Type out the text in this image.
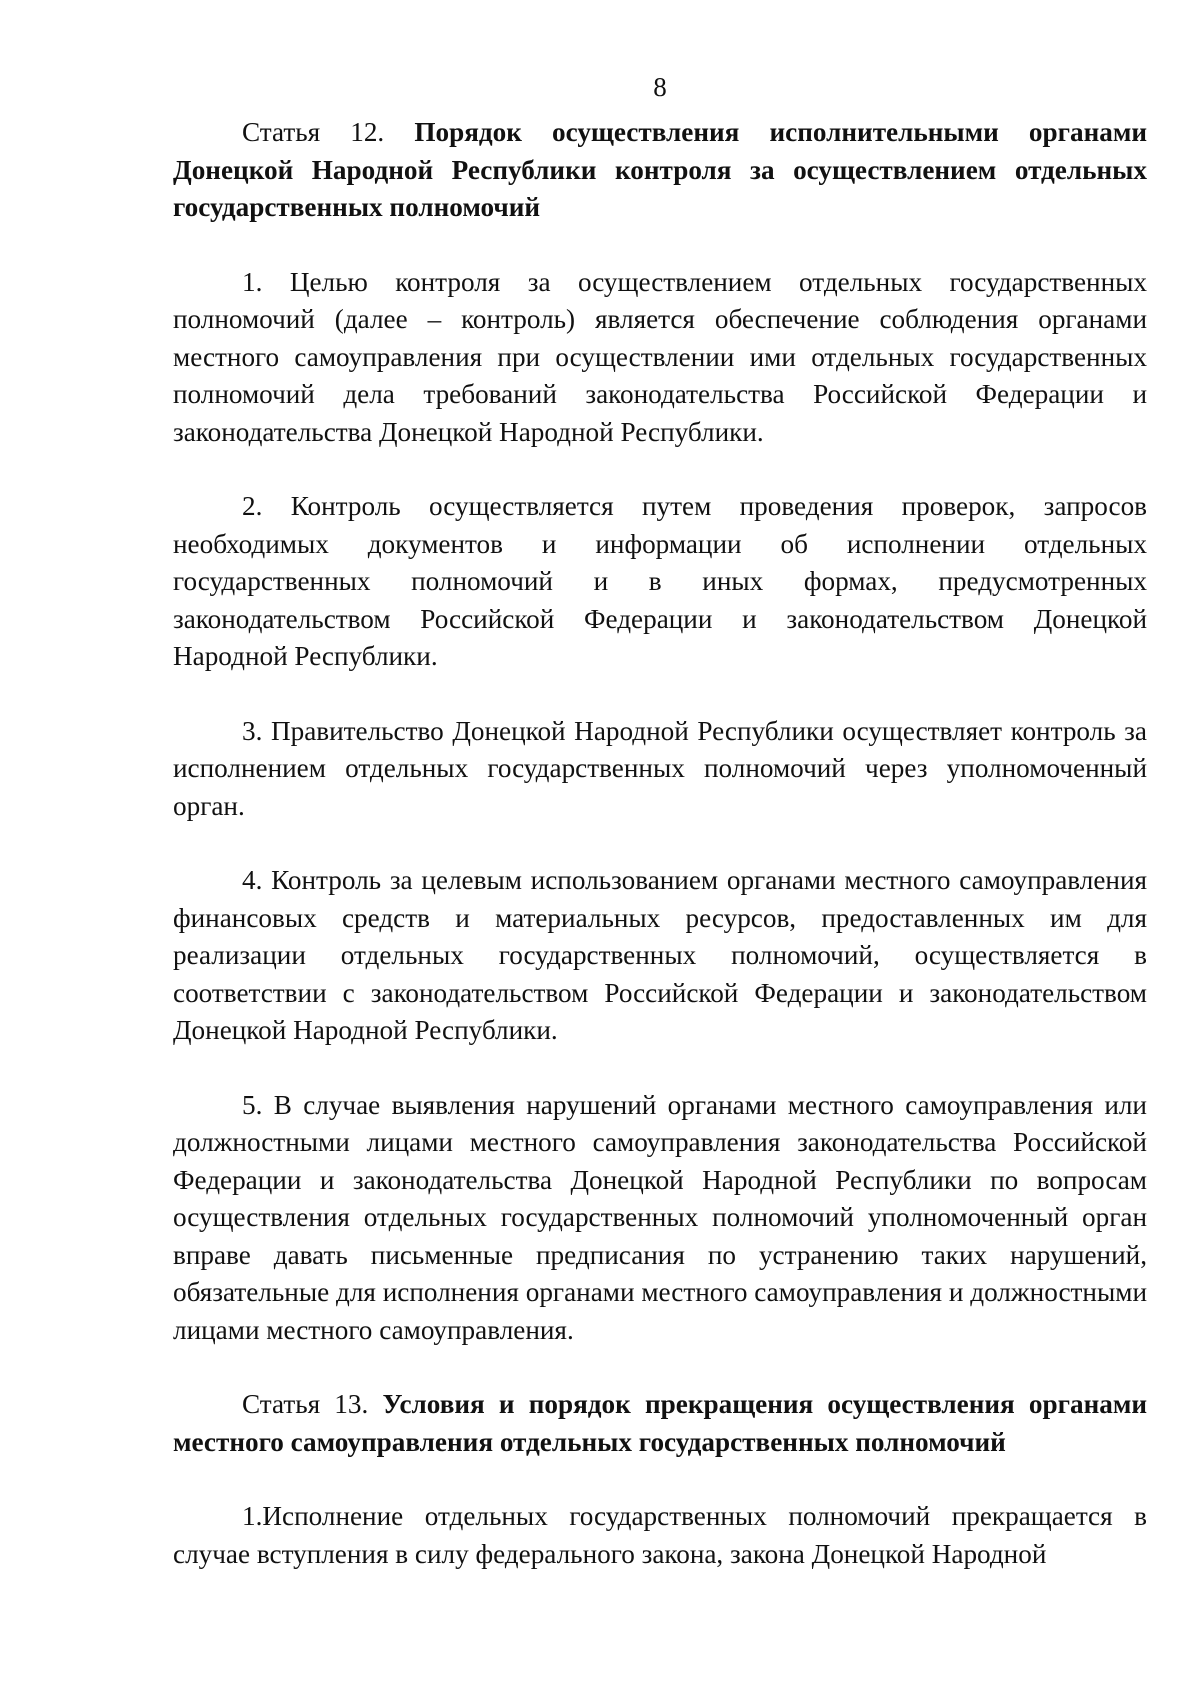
8

Статья 12. Порядок осуществления исполнительными органами Донецкой Народной Республики контроля за осуществлением отдельных государственных полномочий

1. Целью контроля за осуществлением отдельных государственных полномочий (далее – контроль) является обеспечение соблюдения органами местного самоуправления при осуществлении ими отдельных государственных полномочий дела требований законодательства Российской Федерации и законодательства Донецкой Народной Республики.

2. Контроль осуществляется путем проведения проверок, запросов необходимых документов и информации об исполнении отдельных государственных полномочий и в иных формах, предусмотренных законодательством Российской Федерации и законодательством Донецкой Народной Республики.

3. Правительство Донецкой Народной Республики осуществляет контроль за исполнением отдельных государственных полномочий через уполномоченный орган.

4. Контроль за целевым использованием органами местного самоуправления финансовых средств и материальных ресурсов, предоставленных им для реализации отдельных государственных полномочий, осуществляется в соответствии с законодательством Российской Федерации и законодательством Донецкой Народной Республики.

5. В случае выявления нарушений органами местного самоуправления или должностными лицами местного самоуправления законодательства Российской Федерации и законодательства Донецкой Народной Республики по вопросам осуществления отдельных государственных полномочий уполномоченный орган вправе давать письменные предписания по устранению таких нарушений, обязательные для исполнения органами местного самоуправления и должностными лицами местного самоуправления.

Статья 13. Условия и порядок прекращения осуществления органами местного самоуправления отдельных государственных полномочий

1.Исполнение отдельных государственных полномочий прекращается в случае вступления в силу федерального закона, закона Донецкой Народной
